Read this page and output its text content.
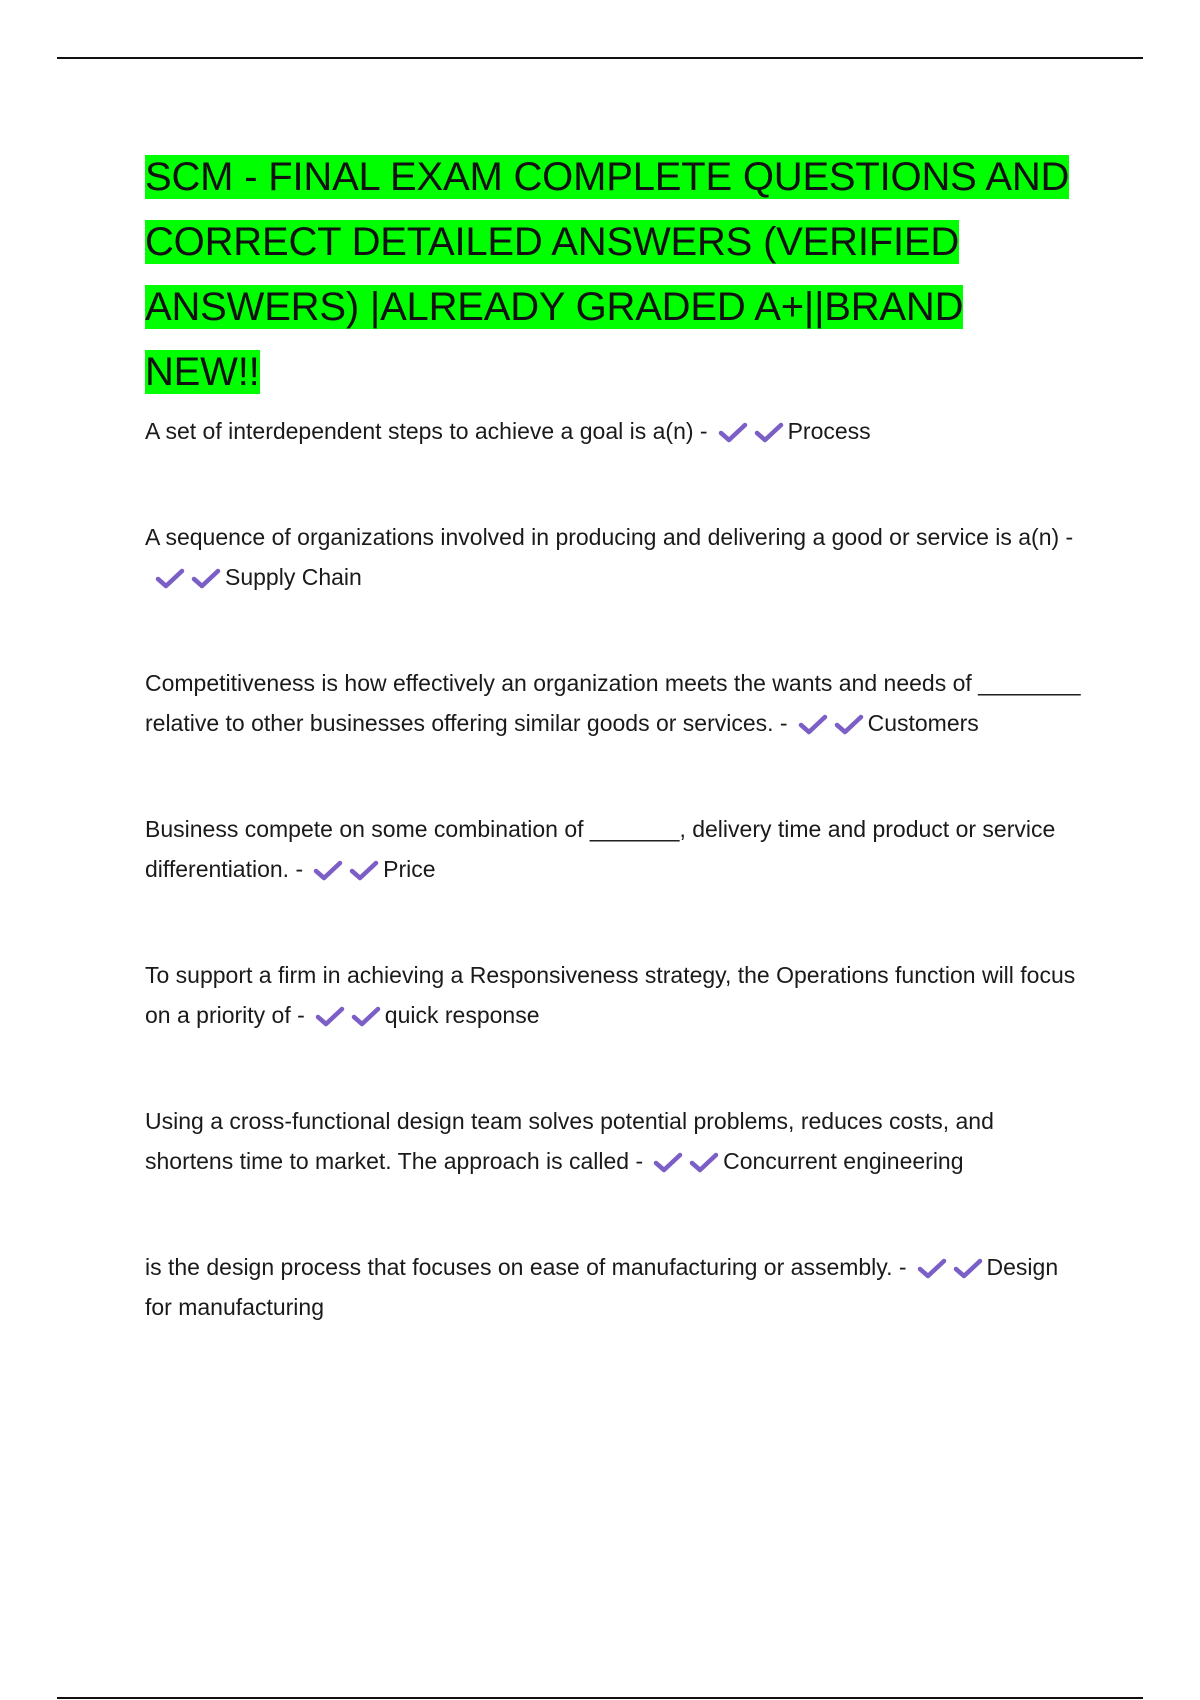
SCM - FINAL EXAM COMPLETE QUESTIONS AND CORRECT DETAILED ANSWERS (VERIFIED ANSWERS) |ALREADY GRADED A+||BRAND NEW!!
A set of interdependent steps to achieve a goal is a(n) -	Process
A sequence of organizations involved in producing and delivering a good or service is a(n) -
Supply Chain
Competitiveness is how effectively an organization meets the wants and needs of ________ relative to other businesses offering similar goods or services. -	Customers
Business compete on some combination of _______, delivery time and product or service differentiation. -	Price
To support a firm in achieving a Responsiveness strategy, the Operations function will focus on a priority of -	quick response
Using a cross-functional design team solves potential problems, reduces costs, and shortens time to market. The approach is called -	Concurrent engineering
is the design process that focuses on ease of manufacturing or assembly. -	Design for manufacturing
